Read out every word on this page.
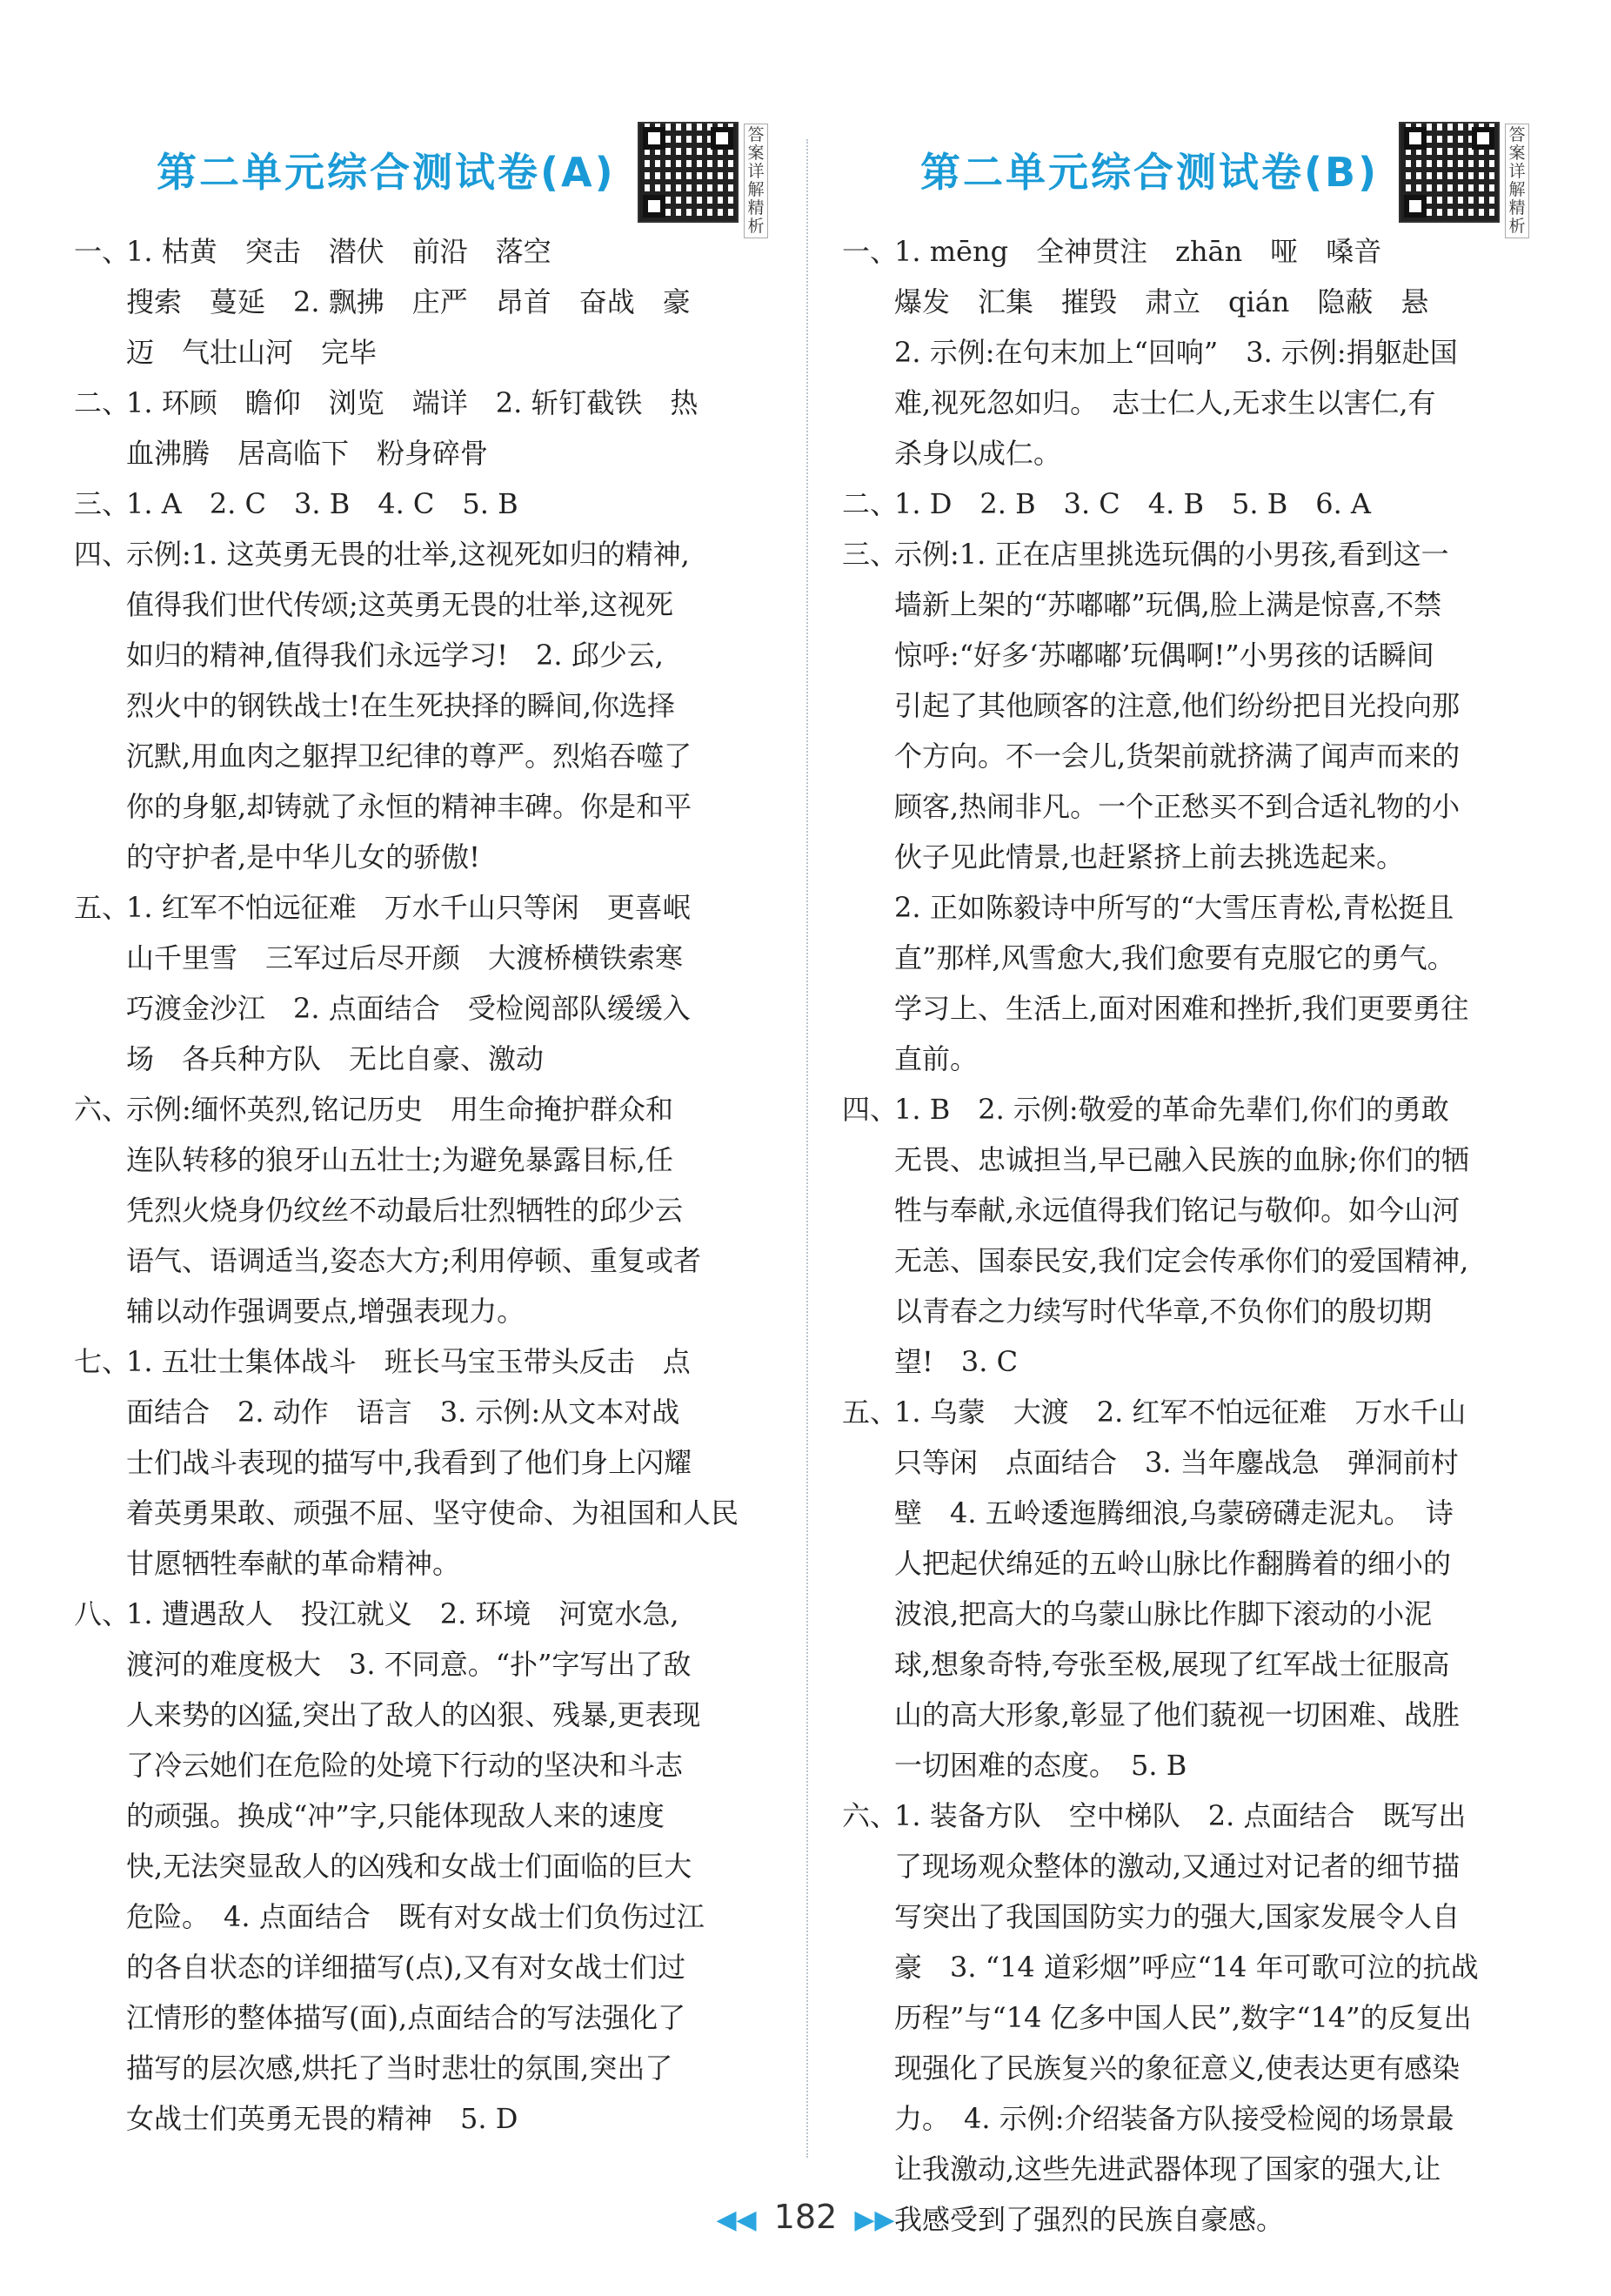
第二单元综合测试卷(A)
答案详解精析
一、
1. 枯黄　突击　潜伏　前沿　落空
搜索　蔓延　2. 飘拂　庄严　昂首　奋战　豪
迈　气壮山河　完毕
二、
1. 环顾　瞻仰　浏览　端详　2. 斩钉截铁　热
血沸腾　居高临下　粉身碎骨
三、
1. A　2. C　3. B　4. C　5. B
四、
示例:1. 这英勇无畏的壮举,这视死如归的精神,
值得我们世代传颂;这英勇无畏的壮举,这视死
如归的精神,值得我们永远学习!　2. 邱少云,
烈火中的钢铁战士!在生死抉择的瞬间,你选择
沉默,用血肉之躯捍卫纪律的尊严。烈焰吞噬了
你的身躯,却铸就了永恒的精神丰碑。你是和平
的守护者,是中华儿女的骄傲!
五、
1. 红军不怕远征难　万水千山只等闲　更喜岷
山千里雪　三军过后尽开颜　大渡桥横铁索寒
巧渡金沙江　2. 点面结合　受检阅部队缓缓入
场　各兵种方队　无比自豪、激动
六、
示例:缅怀英烈,铭记历史　用生命掩护群众和
连队转移的狼牙山五壮士;为避免暴露目标,任
凭烈火烧身仍纹丝不动最后壮烈牺牲的邱少云
语气、语调适当,姿态大方;利用停顿、重复或者
辅以动作强调要点,增强表现力。
七、
1. 五壮士集体战斗　班长马宝玉带头反击　点
面结合　2. 动作　语言　3. 示例:从文本对战
士们战斗表现的描写中,我看到了他们身上闪耀
着英勇果敢、顽强不屈、坚守使命、为祖国和人民
甘愿牺牲奉献的革命精神。
八、
1. 遭遇敌人　投江就义　2. 环境　河宽水急,
渡河的难度极大　3. 不同意。“扑”字写出了敌
人来势的凶猛,突出了敌人的凶狠、残暴,更表现
了冷云她们在危险的处境下行动的坚决和斗志
的顽强。换成“冲”字,只能体现敌人来的速度
快,无法突显敌人的凶残和女战士们面临的巨大
危险。　4. 点面结合　既有对女战士们负伤过江
的各自状态的详细描写(点),又有对女战士们过
江情形的整体描写(面),点面结合的写法强化了
描写的层次感,烘托了当时悲壮的氛围,突出了
女战士们英勇无畏的精神　5. D
第二单元综合测试卷(B)
答案详解精析
一、
1. mēng　全神贯注　zhān　哑　嗓音
爆发　汇集　摧毁　肃立　qián　隐蔽　悬
2. 示例:在句末加上“回响”　3. 示例:捐躯赴国
难,视死忽如归。　志士仁人,无求生以害仁,有
杀身以成仁。
二、
1. D　2. B　3. C　4. B　5. B　6. A
三、
示例:1. 正在店里挑选玩偶的小男孩,看到这一
墙新上架的“苏嘟嘟”玩偶,脸上满是惊喜,不禁
惊呼:“好多‘苏嘟嘟’玩偶啊!”小男孩的话瞬间
引起了其他顾客的注意,他们纷纷把目光投向那
个方向。不一会儿,货架前就挤满了闻声而来的
顾客,热闹非凡。一个正愁买不到合适礼物的小
伙子见此情景,也赶紧挤上前去挑选起来。
2. 正如陈毅诗中所写的“大雪压青松,青松挺且
直”那样,风雪愈大,我们愈要有克服它的勇气。
学习上、生活上,面对困难和挫折,我们更要勇往
直前。
四、
1. B　2. 示例:敬爱的革命先辈们,你们的勇敢
无畏、忠诚担当,早已融入民族的血脉;你们的牺
牲与奉献,永远值得我们铭记与敬仰。如今山河
无恙、国泰民安,我们定会传承你们的爱国精神,
以青春之力续写时代华章,不负你们的殷切期
望!　3. C
五、
1. 乌蒙　大渡　2. 红军不怕远征难　万水千山
只等闲　点面结合　3. 当年鏖战急　弹洞前村
壁　4. 五岭逶迤腾细浪,乌蒙磅礴走泥丸。　诗
人把起伏绵延的五岭山脉比作翻腾着的细小的
波浪,把高大的乌蒙山脉比作脚下滚动的小泥
球,想象奇特,夸张至极,展现了红军战士征服高
山的高大形象,彰显了他们藐视一切困难、战胜
一切困难的态度。　5. B
六、
1. 装备方队　空中梯队　2. 点面结合　既写出
了现场观众整体的激动,又通过对记者的细节描
写突出了我国国防实力的强大,国家发展令人自
豪　3. “14 道彩烟”呼应“14 年可歌可泣的抗战
历程”与“14 亿多中国人民”,数字“14”的反复出
现强化了民族复兴的象征意义,使表达更有感染
力。　4. 示例:介绍装备方队接受检阅的场景最
让我激动,这些先进武器体现了国家的强大,让
我感受到了强烈的民族自豪感。
◀◀ 182 ▶▶
